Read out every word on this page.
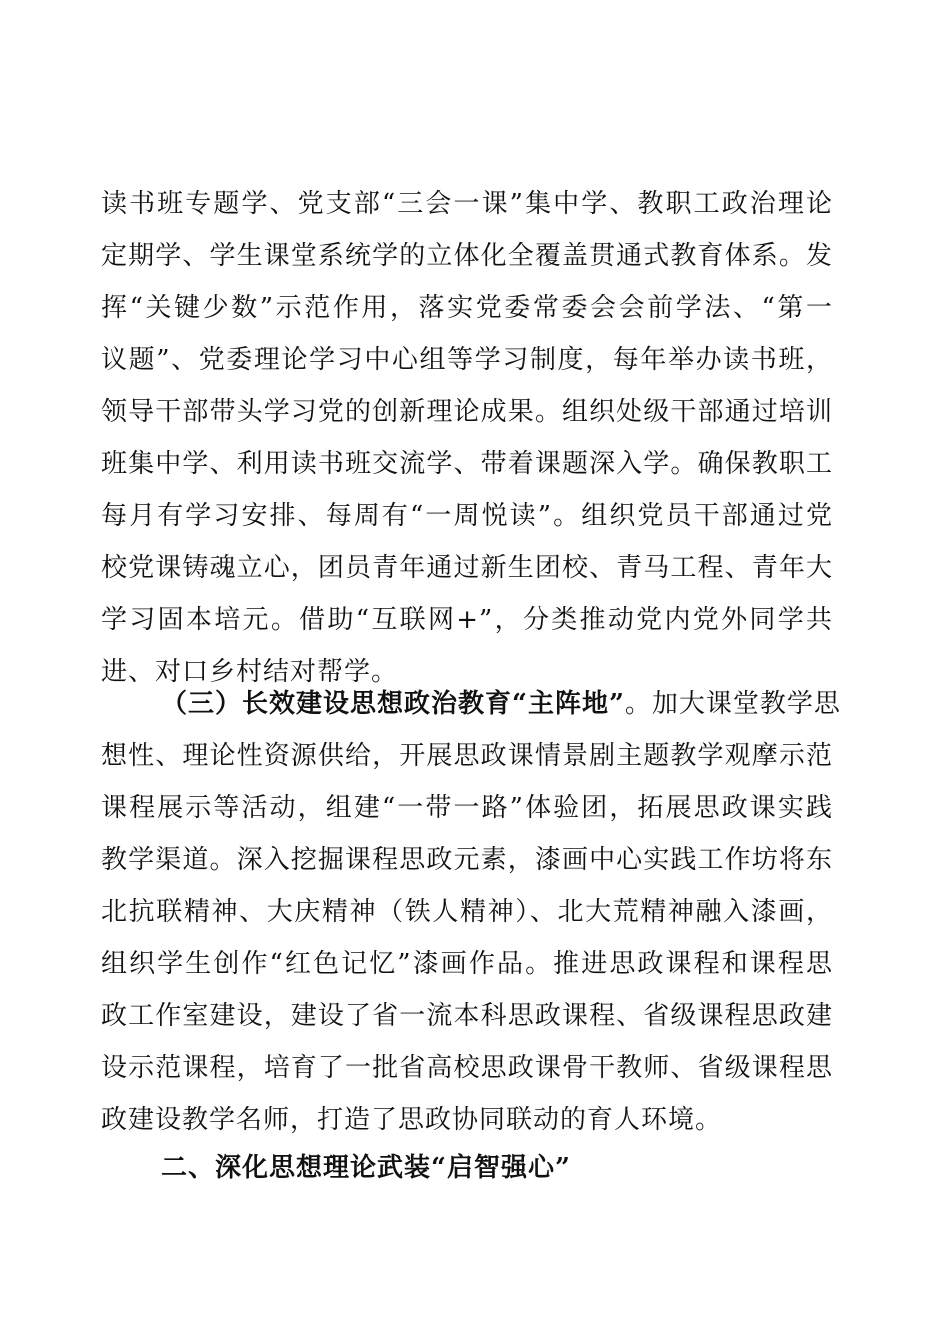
读书班专题学、党支部“三会一课”集中学、教职工政治理论
定期学、学生课堂系统学的立体化全覆盖贯通式教育体系。发
挥“关键少数”示范作用，落实党委常委会会前学法、“第一
议题”、党委理论学习中心组等学习制度，每年举办读书班，
领导干部带头学习党的创新理论成果。组织处级干部通过培训
班集中学、利用读书班交流学、带着课题深入学。确保教职工
每月有学习安排、每周有“一周悦读”。组织党员干部通过党
校党课铸魂立心，团员青年通过新生团校、青马工程、青年大
学习固本培元。借助“互联网+”，分类推动党内党外同学共
进、对口乡村结对帮学。
（三）长效建设思想政治教育“主阵地” 。加大课堂教学思
想性、理论性资源供给，开展思政课情景剧主题教学观摩示范
课程展示等活动，组建“一带一路”体验团，拓展思政课实践
教学渠道。深入挖掘课程思政元素，漆画中心实践工作坊将东
北抗联精神、大庆精神（铁人精神）、北大荒精神融入漆画，
组织学生创作“红色记忆”漆画作品。推进思政课程和课程思
政工作室建设，建设了省一流本科思政课程、省级课程思政建
设示范课程，培育了一批省高校思政课骨干教师、省级课程思
政建设教学名师，打造了思政协同联动的育人环境。
二、深化思想理论武装“启智强心”
